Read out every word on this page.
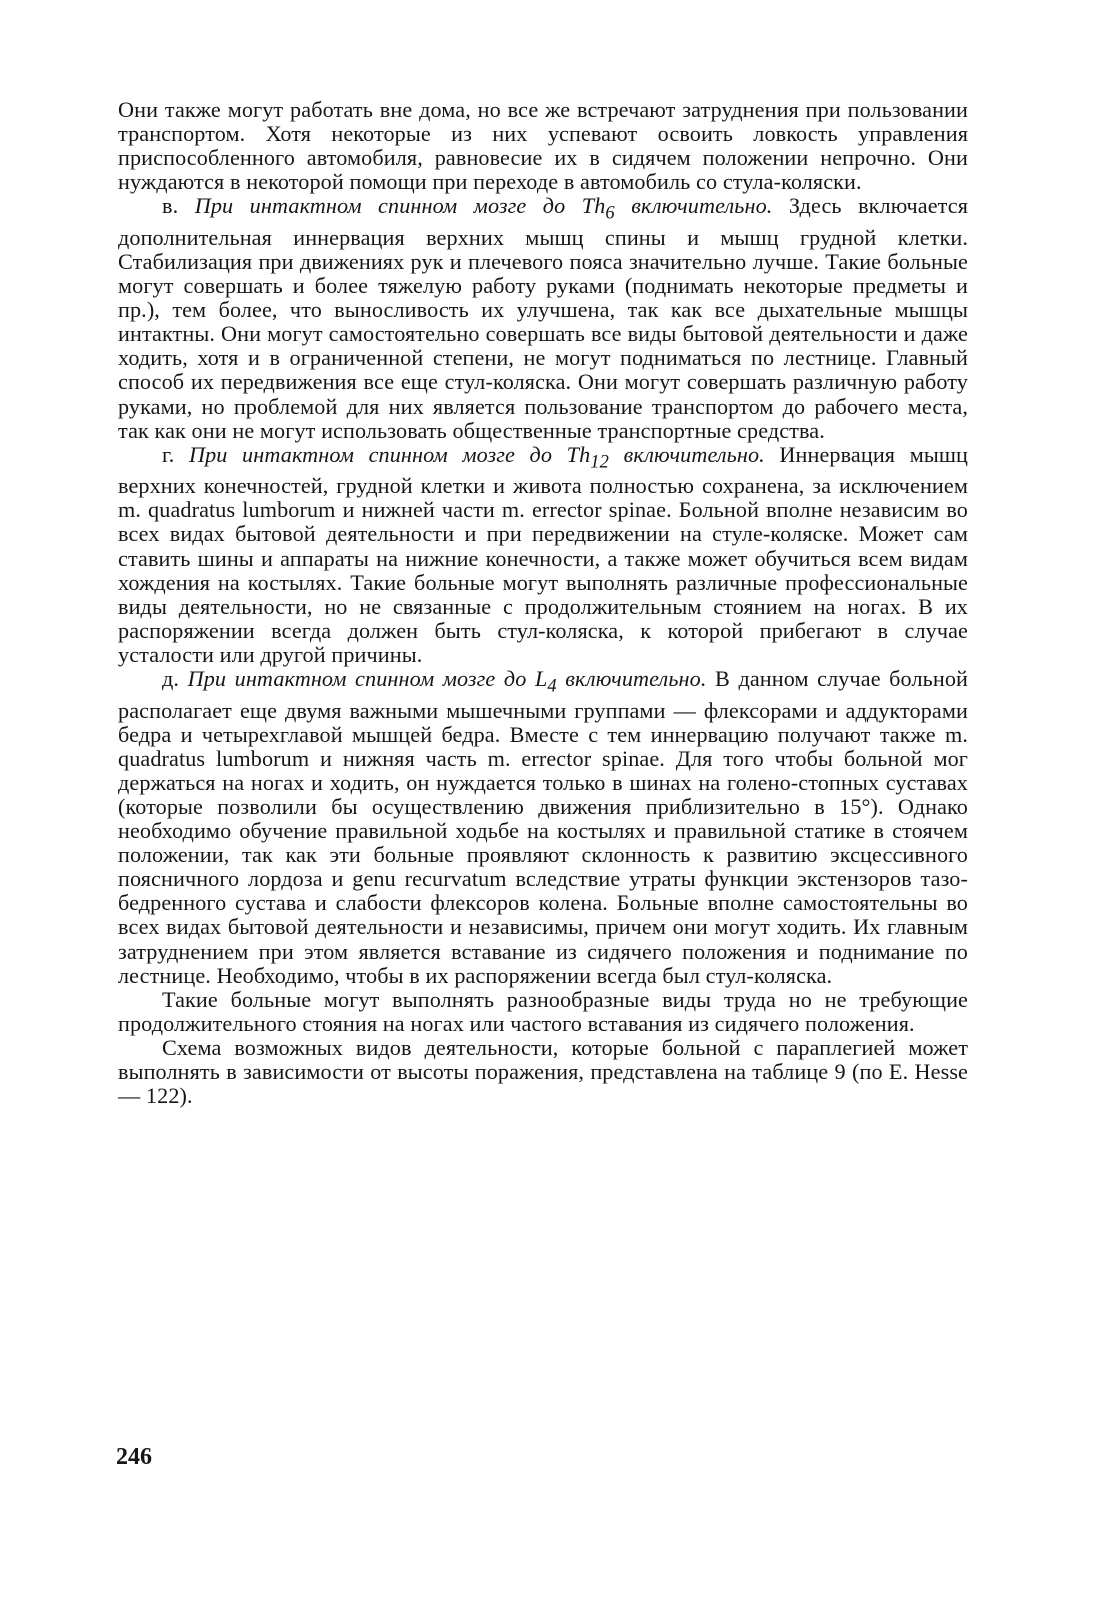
Они также могут работать вне дома, но все же встречают затруднения при пользовании транспортом. Хотя некоторые из них успевают освоить ловкость управления приспособленного автомобиля, равновесие их в сидячем положении непрочно. Они нуждаются в некоторой помощи при переходе в автомобиль со стула-коляски.

в. При интактном спинном мозге до $Th_6$ включительно. Здесь включается дополнительная иннервация верхних мышц спины и мышц грудной клетки. Стабилизация при движениях рук и плечевого пояса значительно лучше. Такие больные могут совершать и более тяжелую работу руками (поднимать некоторые предметы и пр.), тем более, что выносливость их улучшена, так как все дыхательные мышцы интактны. Они могут самостоятельно совершать все виды бытовой деятельности и даже ходить, хотя и в ограниченной степени, не могут подниматься по лестнице. Главный способ их передвижения все еще стул-коляска. Они могут совершать различную работу руками, но проблемой для них является пользование транспортом до рабочего места, так как они не могут использовать общественные транспортные средства.

г. При интактном спинном мозге до $Th_{12}$ включительно. Иннервация мышц верхних конечностей, грудной клетки и живота полностью сохранена, за исключением m. quadratus lumborum и нижней части m. errector spinae. Больной вполне независим во всех видах бытовой деятельности и при передвижении на стуле-коляске. Может сам ставить шины и аппараты на нижние конечности, а также может обучиться всем видам хождения на костылях. Такие больные могут выполнять различные профессиональные виды деятельности, но не связанные с продолжительным стоянием на ногах. В их распоряжении всегда должен быть стул-коляска, к которой прибегают в случае усталости или другой причины.

д. При интактном спинном мозге до $L_4$ включительно. В данном случае больной располагает еще двумя важными мышечными группами — флексорами и аддукторами бедра и четырехглавой мышцей бедра. Вместе с тем иннервацию получают также m. quadratus lumborum и нижняя часть m. errector spinae. Для того чтобы больной мог держаться на ногах и ходить, он нуждается только в шинах на голено-стопных суставах (которые позволили бы осуществлению движения приблизительно в 15°). Однако необходимо обучение правильной ходьбе на костылях и правильной статике в стоячем положении, так как эти больные проявляют склонность к развитию эксцессивного поясничного лордоза и genu recurvatum вследствие утраты функции экстензоров тазо-бедренного сустава и слабости флексоров колена. Больные вполне самостоятельны во всех видах бытовой деятельности и независимы, причем они могут ходить. Их главным затруднением при этом является вставание из сидячего положения и поднимание по лестнице. Необходимо, чтобы в их распоряжении всегда был стул-коляска.

Такие больные могут выполнять разнообразные виды труда но не требующие продолжительного стояния на ногах или частого вставания из сидячего положения.

Схема возможных видов деятельности, которые больной с параплегией может выполнять в зависимости от высоты поражения, представлена на таблице 9 (по E. Hesse — 122).

246
